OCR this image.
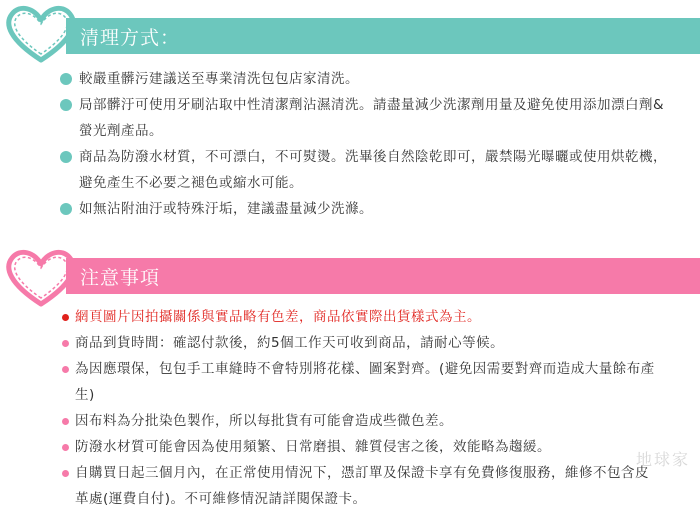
清理方式：
較嚴重髒污建議送至專業清洗包包店家清洗。
局部髒汙可使用牙刷沾取中性清潔劑沾濕清洗。請盡量減少洗潔劑用量及避免使用添加漂白劑&螢光劑產品。
商品為防潑水材質，不可漂白，不可熨燙。洗畢後自然陰乾即可，嚴禁陽光曝曬或使用烘乾機，避免產生不必要之褪色或縮水可能。
如無沾附油汙或特殊汙垢，建議盡量減少洗滌。
注意事項
網頁圖片因拍攝關係與實品略有色差，商品依實際出貨樣式為主。
商品到貨時間：確認付款後，約5個工作天可收到商品，請耐心等候。
為因應環保，包包手工車縫時不會特別將花樣、圖案對齊。(避免因需要對齊而造成大量餘布產生)
因布料為分批染色製作，所以每批貨有可能會造成些微色差。
防潑水材質可能會因為使用頻繁、日常磨損、雜質侵害之後，效能略為趨緩。
自購買日起三個月內，在正常使用情況下，憑訂單及保證卡享有免費修復服務，維修不包含皮革處(運費自付)。不可維修情況請詳閱保證卡。
地球家
